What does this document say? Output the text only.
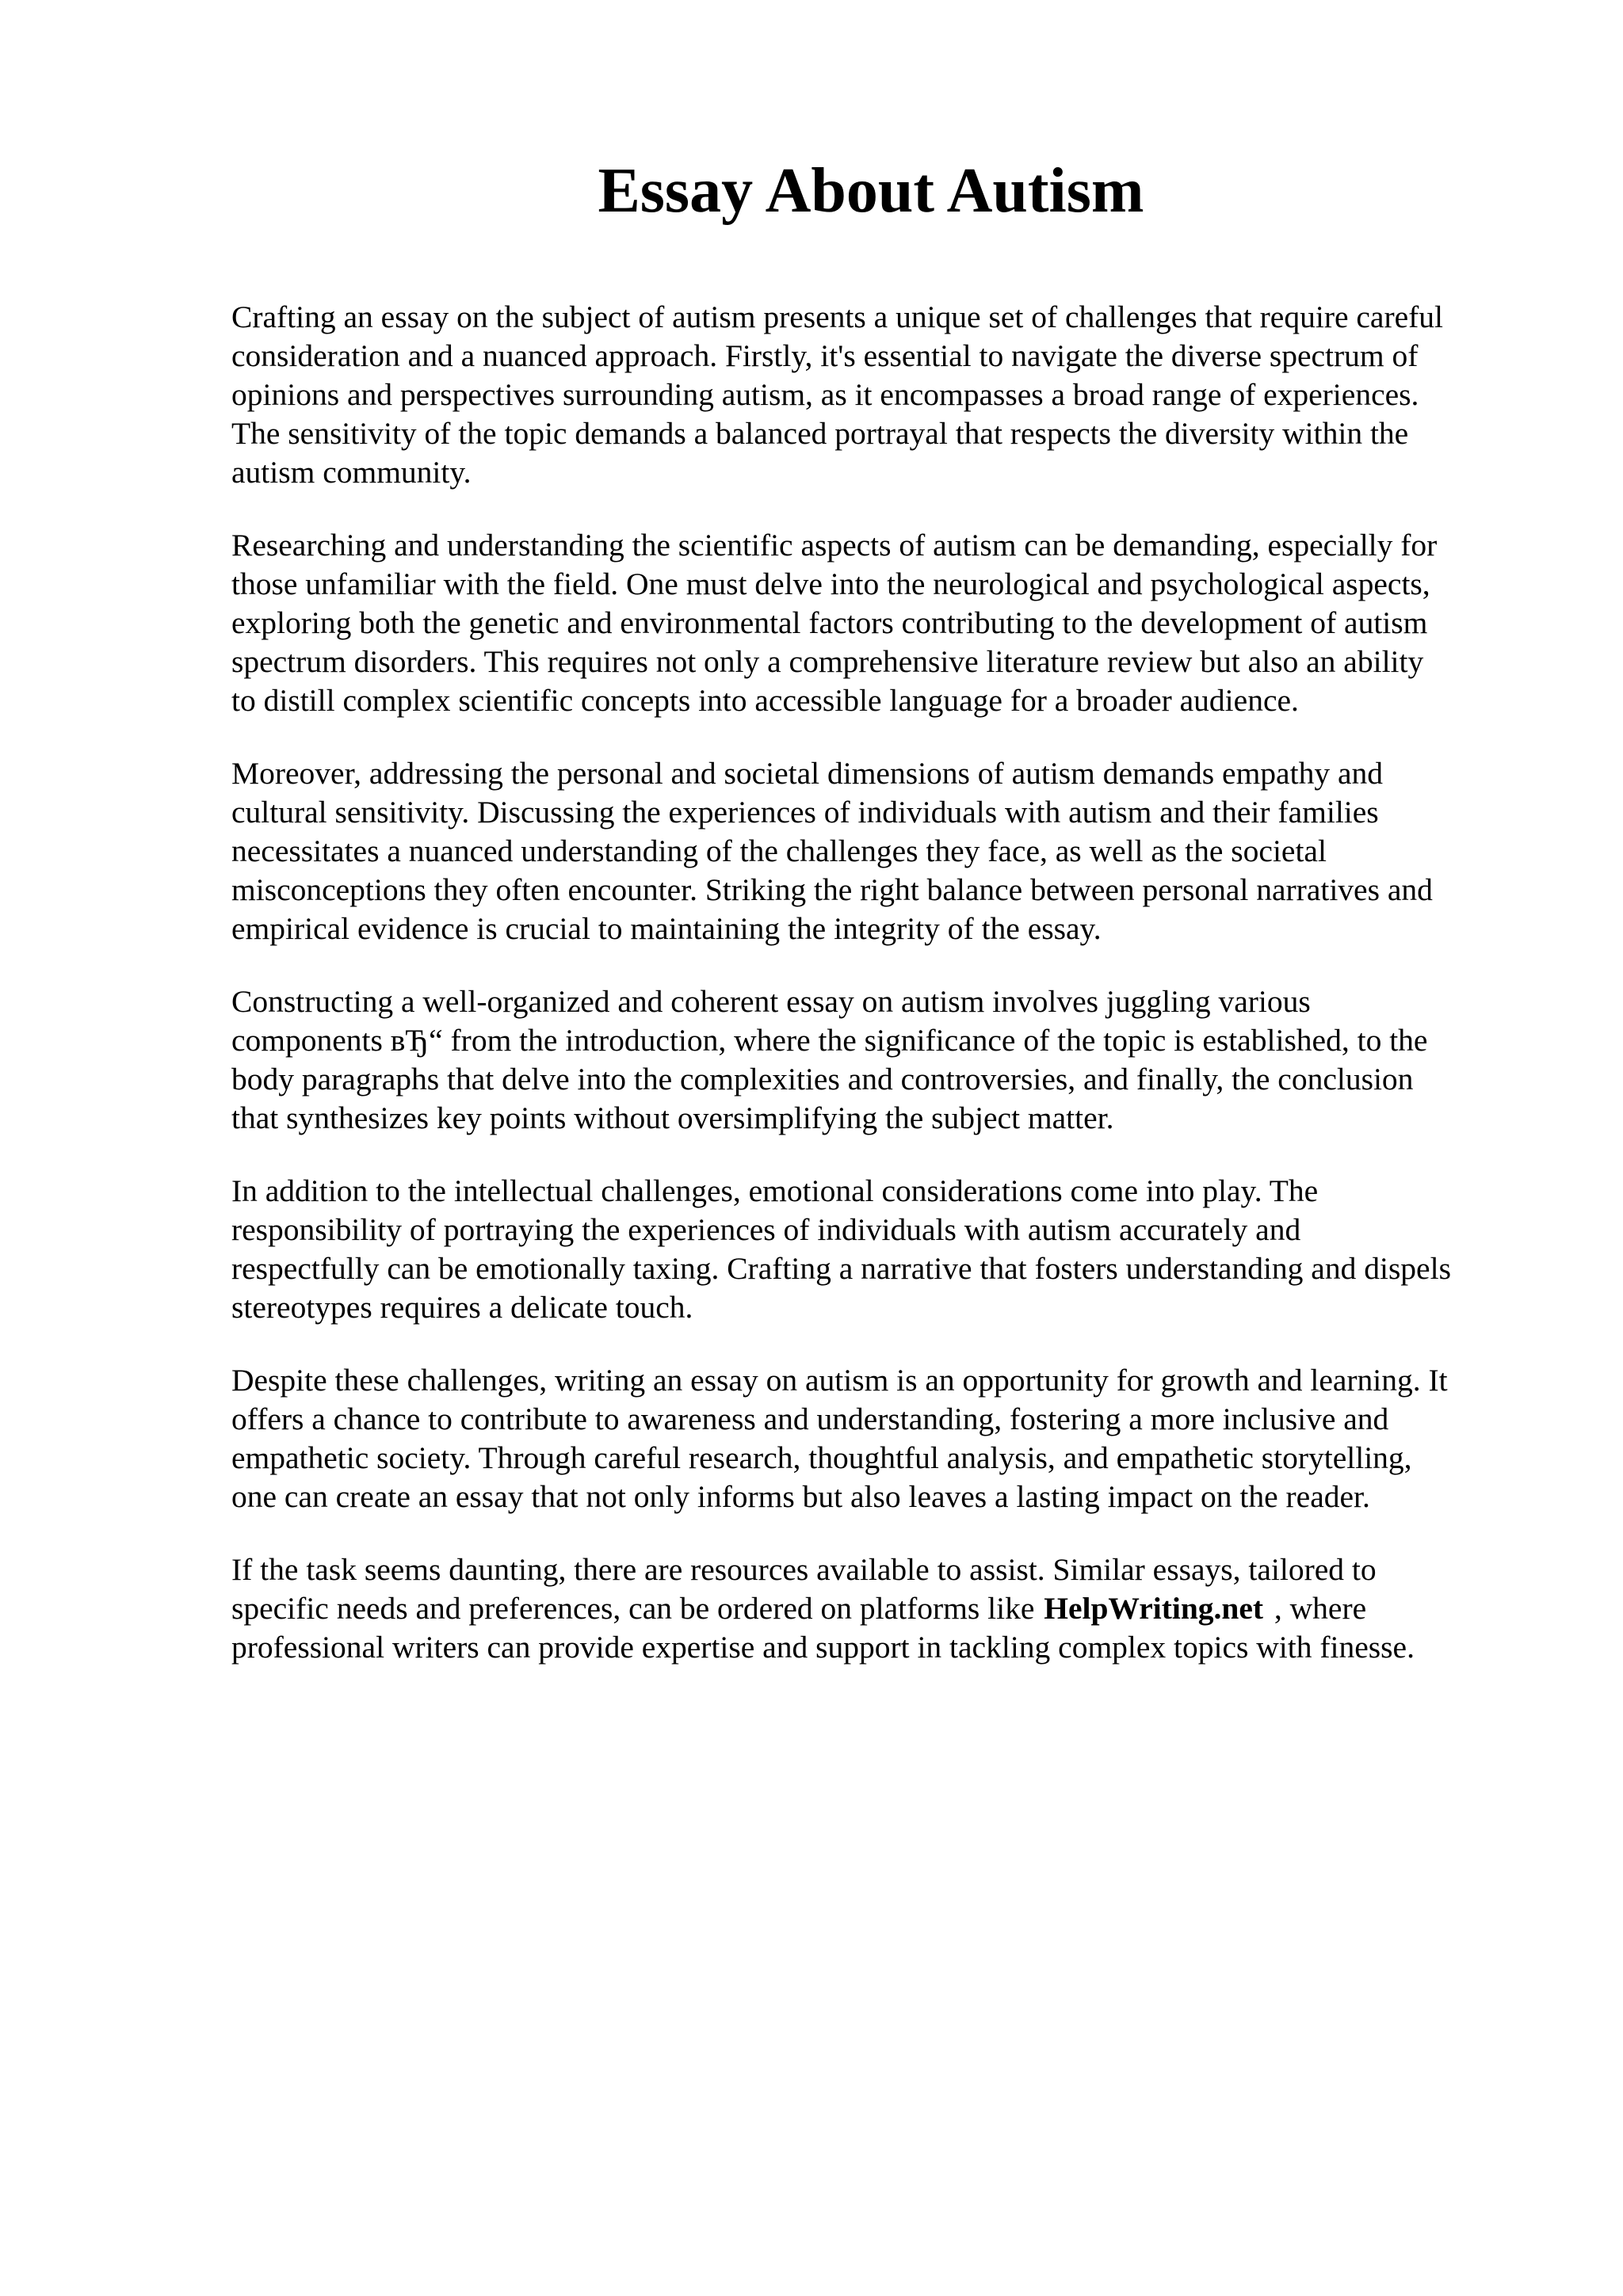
Essay About Autism

Crafting an essay on the subject of autism presents a unique set of challenges that require careful
consideration and a nuanced approach. Firstly, it's essential to navigate the diverse spectrum of
opinions and perspectives surrounding autism, as it encompasses a broad range of experiences.
The sensitivity of the topic demands a balanced portrayal that respects the diversity within the
autism community.

Researching and understanding the scientific aspects of autism can be demanding, especially for
those unfamiliar with the field. One must delve into the neurological and psychological aspects,
exploring both the genetic and environmental factors contributing to the development of autism
spectrum disorders. This requires not only a comprehensive literature review but also an ability
to distill complex scientific concepts into accessible language for a broader audience.

Moreover, addressing the personal and societal dimensions of autism demands empathy and
cultural sensitivity. Discussing the experiences of individuals with autism and their families
necessitates a nuanced understanding of the challenges they face, as well as the societal
misconceptions they often encounter. Striking the right balance between personal narratives and
empirical evidence is crucial to maintaining the integrity of the essay.

Constructing a well-organized and coherent essay on autism involves juggling various
components вЂ“ from the introduction, where the significance of the topic is established, to the
body paragraphs that delve into the complexities and controversies, and finally, the conclusion
that synthesizes key points without oversimplifying the subject matter.

In addition to the intellectual challenges, emotional considerations come into play. The
responsibility of portraying the experiences of individuals with autism accurately and
respectfully can be emotionally taxing. Crafting a narrative that fosters understanding and dispels
stereotypes requires a delicate touch.

Despite these challenges, writing an essay on autism is an opportunity for growth and learning. It
offers a chance to contribute to awareness and understanding, fostering a more inclusive and
empathetic society. Through careful research, thoughtful analysis, and empathetic storytelling,
one can create an essay that not only informs but also leaves a lasting impact on the reader.

If the task seems daunting, there are resources available to assist. Similar essays, tailored to
specific needs and preferences, can be ordered on platforms like HelpWriting.net , where
professional writers can provide expertise and support in tackling complex topics with finesse.
